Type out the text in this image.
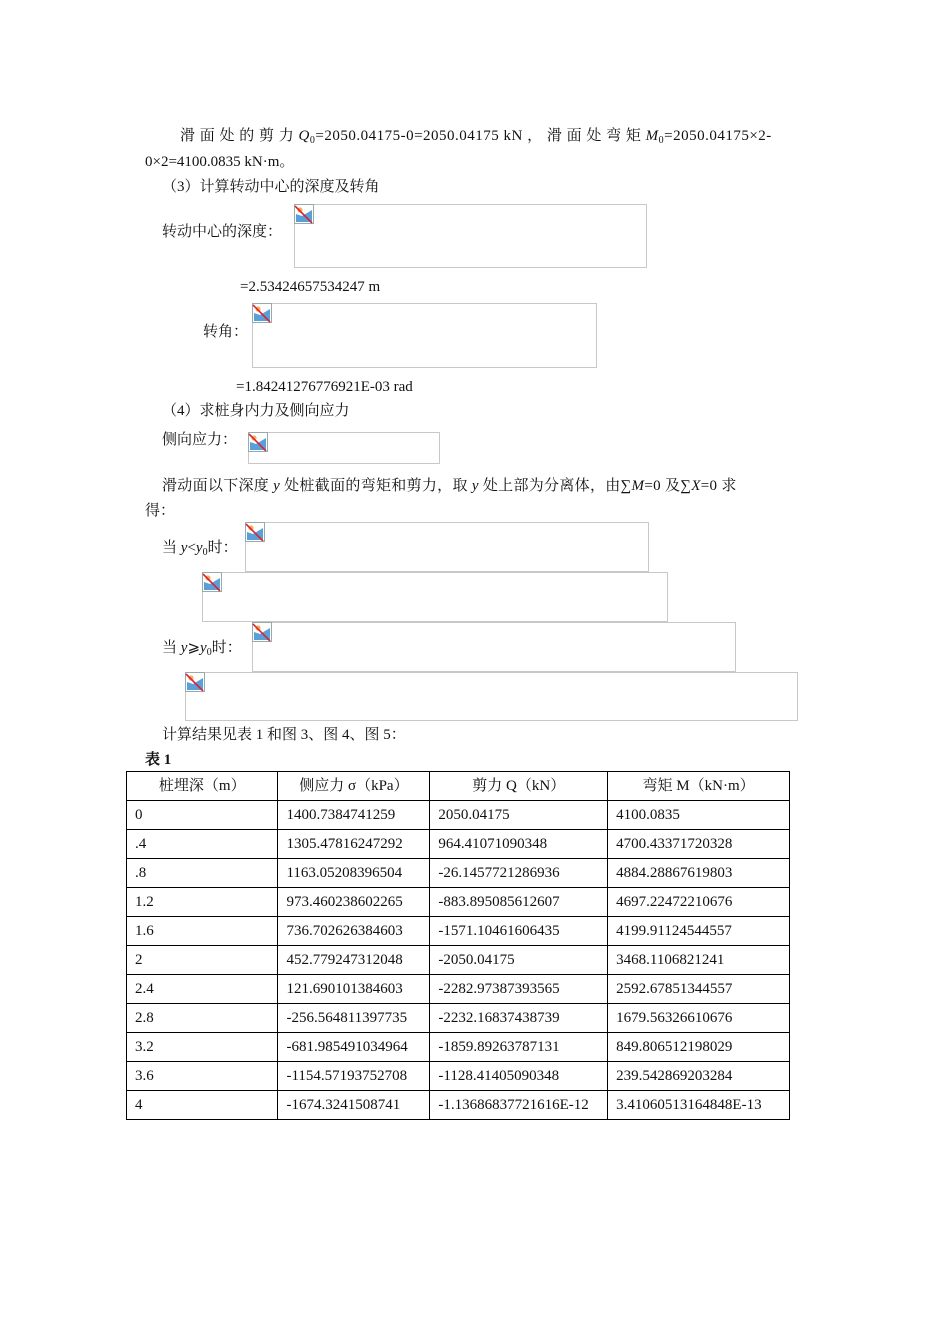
滑 面 处 的 剪 力 $Q_0=2050.04175-0=2050.04175$ kN ， 滑 面 处 弯 矩 $M_0=2050.04175\times 2-$
0×2=4100.0835 kN·m。
（3）计算转动中心的深度及转角
转动中心的深度：
=2.53424657534247 m
转角：
=1.84241276776921E-03 rad
（4）求桩身内力及侧向应力
侧向应力：
滑动面以下深度 y 处桩截面的弯矩和剪力，取 y 处上部为分离体，由∑M=0 及∑X=0 求
得：
当 $y<y_0$时：
当 $y⩾y_0$时：
计算结果见表 1 和图 3、图 4、图 5：
表 1
桩埋深（m）	侧应力 σ（kPa）	剪力 Q（kN）	弯矩 M（kN·m）
0	1400.7384741259	2050.04175	4100.0835
.4	1305.47816247292	964.41071090348	4700.43371720328
.8	1163.05208396504	-26.1457721286936	4884.28867619803
1.2	973.460238602265	-883.895085612607	4697.22472210676
1.6	736.702626384603	-1571.10461606435	4199.91124544557
2	452.779247312048	-2050.04175	3468.1106821241
2.4	121.690101384603	-2282.97387393565	2592.67851344557
2.8	-256.564811397735	-2232.16837438739	1679.56326610676
3.2	-681.985491034964	-1859.89263787131	849.806512198029
3.6	-1154.57193752708	-1128.41405090348	239.542869203284
4	-1674.3241508741	-1.13686837721616E-12	3.41060513164848E-13
